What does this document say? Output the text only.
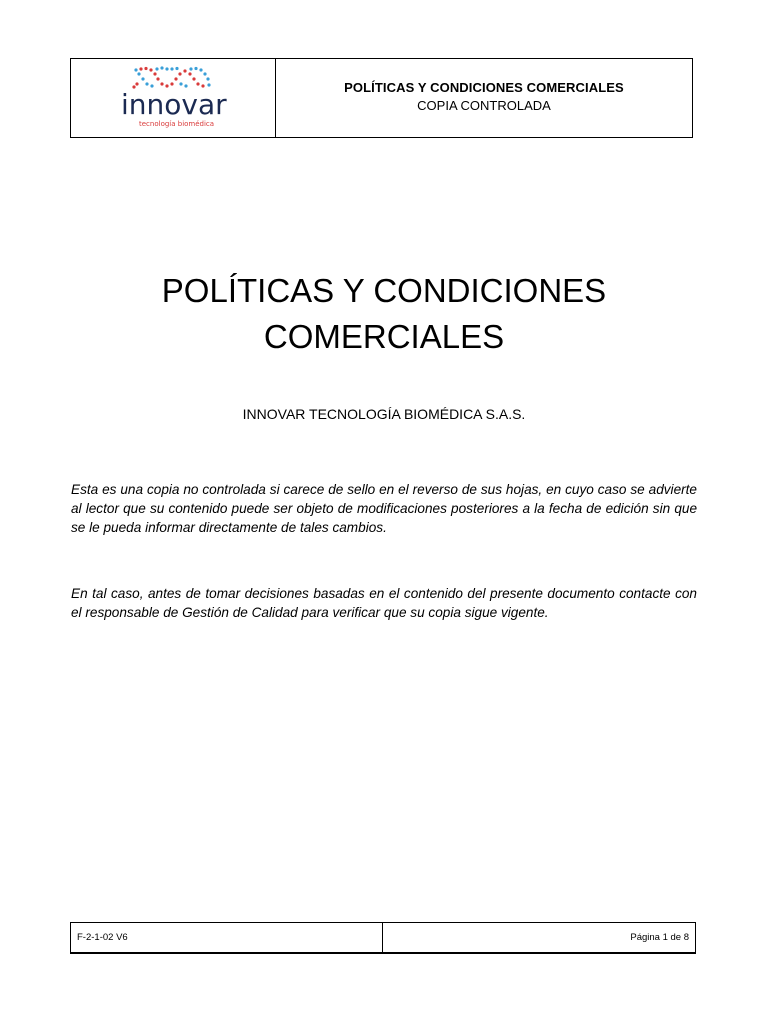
innovar
tecnología biomédica
POLÍTICAS Y CONDICIONES COMERCIALES
COPIA CONTROLADA
POLÍTICAS Y CONDICIONES
COMERCIALES
INNOVAR TECNOLOGÍA BIOMÉDICA S.A.S.

Esta es una copia no controlada si carece de sello en el reverso de sus hojas, en cuyo caso se advierte al lector que su contenido puede ser objeto de modificaciones posteriores a la fecha de edición sin que se le pueda informar directamente de tales cambios.

En tal caso, antes de tomar decisiones basadas en el contenido del presente documento contacte con el responsable de Gestión de Calidad para verificar que su copia sigue vigente.

F-2-1-02 V6	Página 1 de 8
